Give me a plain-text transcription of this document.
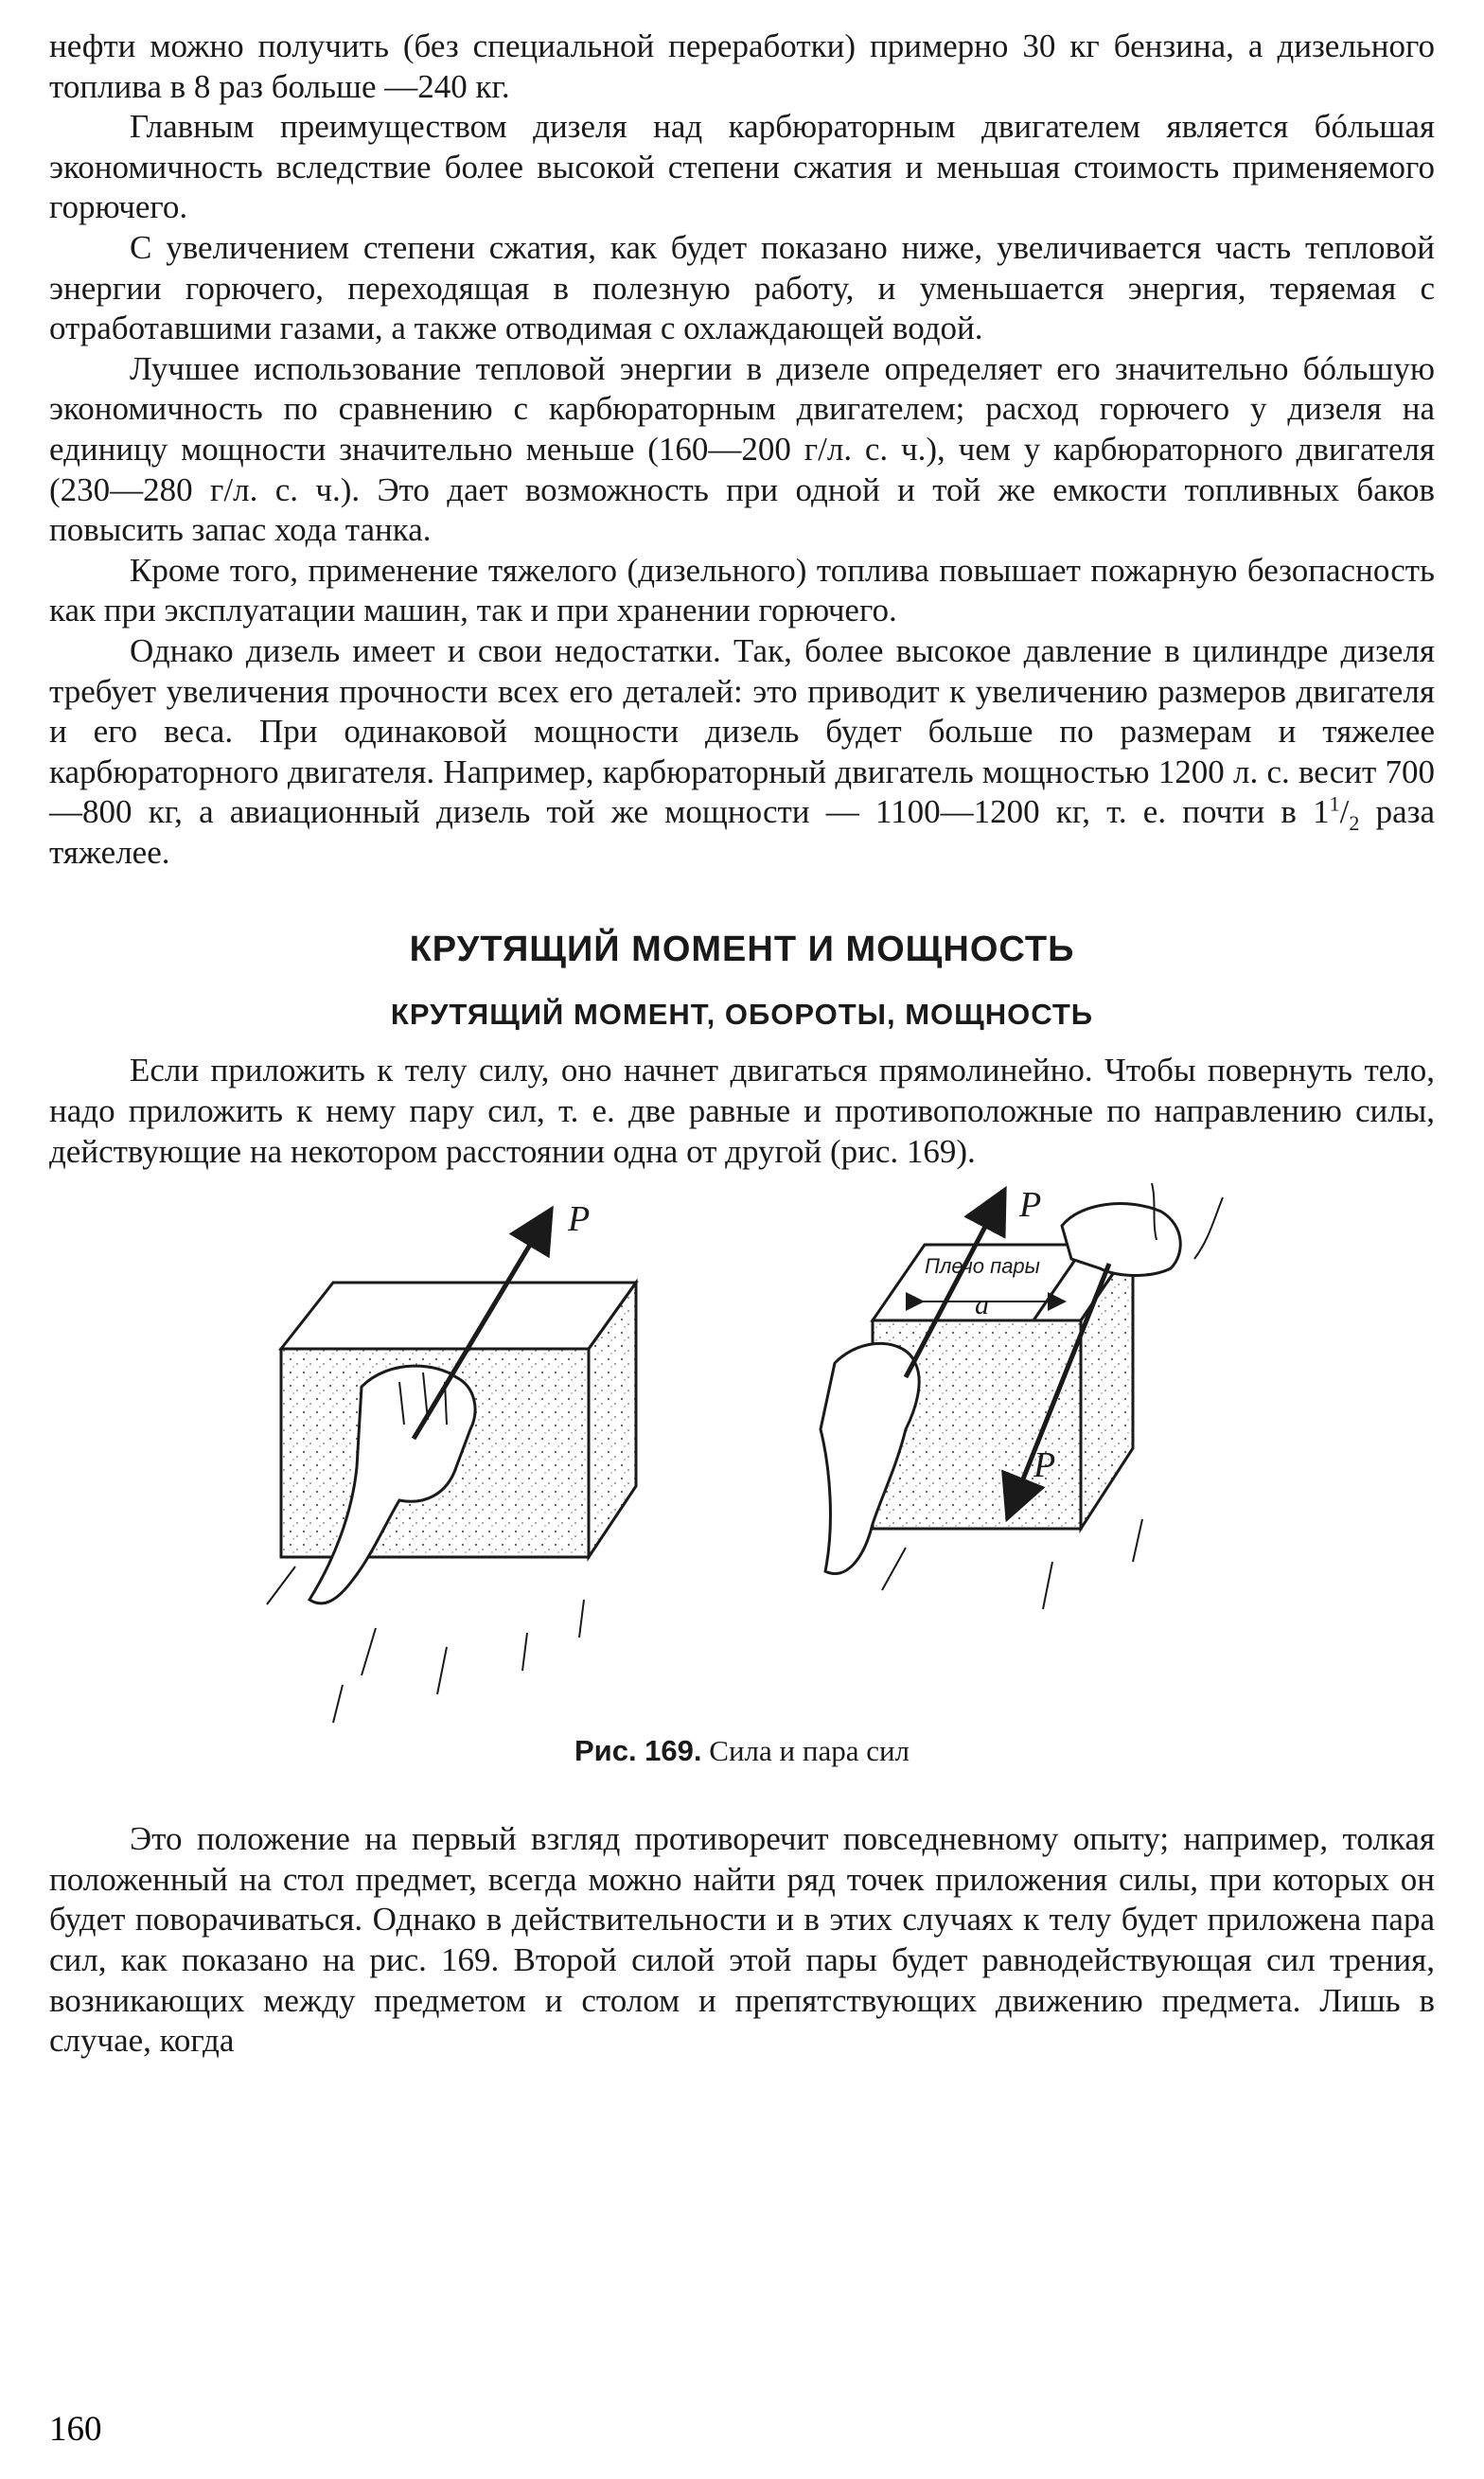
нефти можно получить (без специальной переработки) примерно 30 кг бензина, а дизельного топлива в 8 раз больше —240 кг.

Главным преимуществом дизеля над карбюраторным двигателем является бóльшая экономичность вследствие более высокой степени сжатия и меньшая стоимость применяемого горючего.

С увеличением степени сжатия, как будет показано ниже, увеличивается часть тепловой энергии горючего, переходящая в полезную работу, и уменьшается энергия, теряемая с отработавшими газами, а также отводимая с охлаждающей водой.

Лучшее использование тепловой энергии в дизеле определяет его значительно бóльшую экономичность по сравнению с карбюраторным двигателем; расход горючего у дизеля на единицу мощности значительно меньше (160—200 г/л. с. ч.), чем у карбюраторного двигателя (230—280 г/л. с. ч.). Это дает возможность при одной и той же емкости топливных баков повысить запас хода танка.

Кроме того, применение тяжелого (дизельного) топлива повышает пожарную безопасность как при эксплуатации машин, так и при хранении горючего.

Однако дизель имеет и свои недостатки. Так, более высокое давление в цилиндре дизеля требует увеличения прочности всех его деталей: это приводит к увеличению размеров двигателя и его веса. При одинаковой мощности дизель будет больше по размерам и тяжелее карбюраторного двигателя. Например, карбюраторный двигатель мощностью 1200 л. с. весит 700—800 кг, а авиационный дизель той же мощности — 1100—1200 кг, т. е. почти в $1^1/_2$ раза тяжелее.

КРУТЯЩИЙ МОМЕНТ И МОЩНОСТЬ
КРУТЯЩИЙ МОМЕНТ, ОБОРОТЫ, МОЩНОСТЬ

Если приложить к телу силу, оно начнет двигаться прямолинейно. Чтобы повернуть тело, надо приложить к нему пару сил, т. е. две равные и противоположные по направлению силы, действующие на некотором расстоянии одна от другой (рис. 169).

P	P
P
Плечо пары
a
Рис. 169. Сила и пара сил

Это положение на первый взгляд противоречит повседневному опыту; например, толкая положенный на стол предмет, всегда можно найти ряд точек приложения силы, при которых он будет поворачиваться. Однако в действительности и в этих случаях к телу будет приложена пара сил, как показано на рис. 169. Второй силой этой пары будет равнодействующая сил трения, возникающих между предметом и столом и препятствующих движению предмета. Лишь в случае, когда

160
